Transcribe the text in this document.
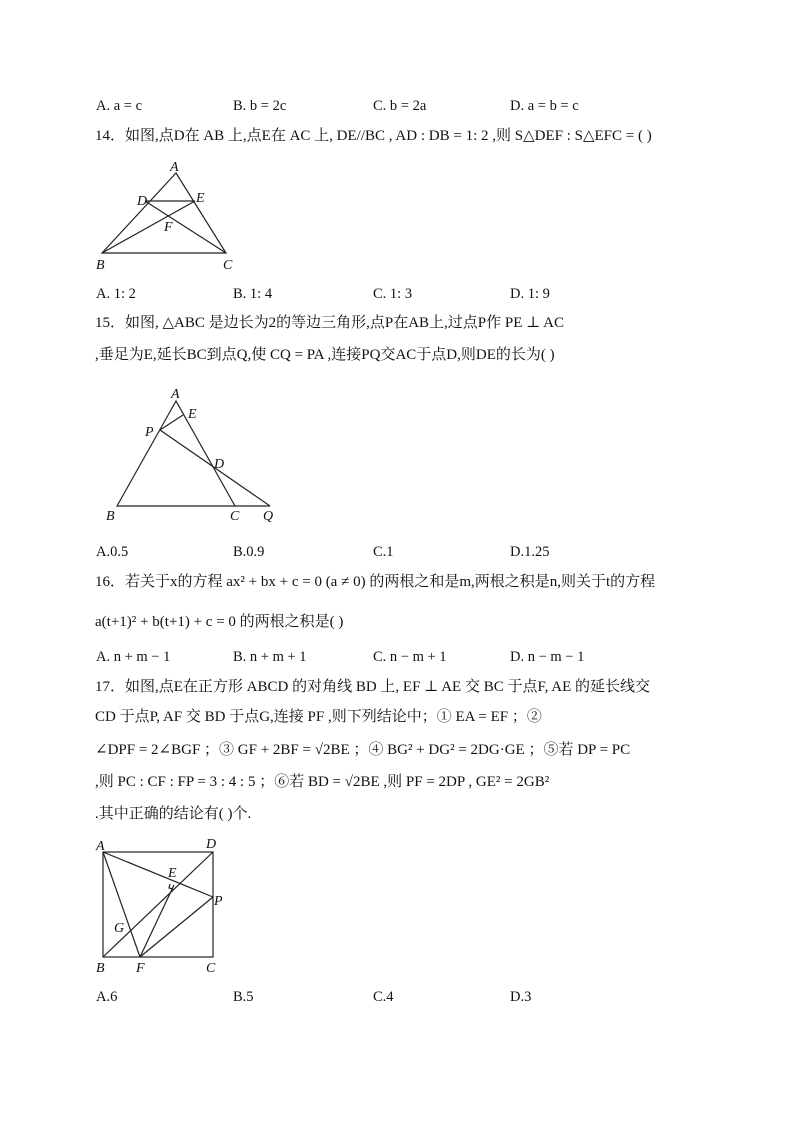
A. a = c	B. b = 2c	C. b = 2a	D. a = b = c
14．如图,点D在 AB 上,点E在 AC 上, DE//BC , AD : DB = 1: 2 ,则 S△DEF : S△EFC = ( )
A
D	E
F
B	C
A. 1: 2	B. 1: 4	C. 1: 3	D. 1: 9
15．如图, △ABC 是边长为2的等边三角形,点P在AB上,过点P作 PE ⊥ AC
,垂足为E,延长BC到点Q,使 CQ = PA ,连接PQ交AC于点D,则DE的长为( )
A
E
P
D
B	C Q
A.0.5	B.0.9	C.1	D.1.25
16．若关于x的方程 ax² + bx + c = 0 (a ≠ 0) 的两根之和是m,两根之积是n,则关于t的方程
a(t+1)² + b(t+1) + c = 0 的两根之积是( )
A. n + m − 1	B. n + m + 1	C. n − m + 1	D. n − m − 1
17．如图,点E在正方形 ABCD 的对角线 BD 上, EF ⊥ AE 交 BC 于点F, AE 的延长线交
CD 于点P, AF 交 BD 于点G,连接 PF ,则下列结论中；① EA = EF ；②
∠DPF = 2∠BGF ；③ GF + 2BF = √2BE ；④ BG² + DG² = 2DG·GE ；⑤若 DP = PC
,则 PC : CF : FP = 3 : 4 : 5 ；⑥若 BD = √2BE ,则 PF = 2DP , GE² = 2GB²
.其中正确的结论有( )个.
A	D
E
P
G
B F	C
A.6	B.5	C.4	D.3
